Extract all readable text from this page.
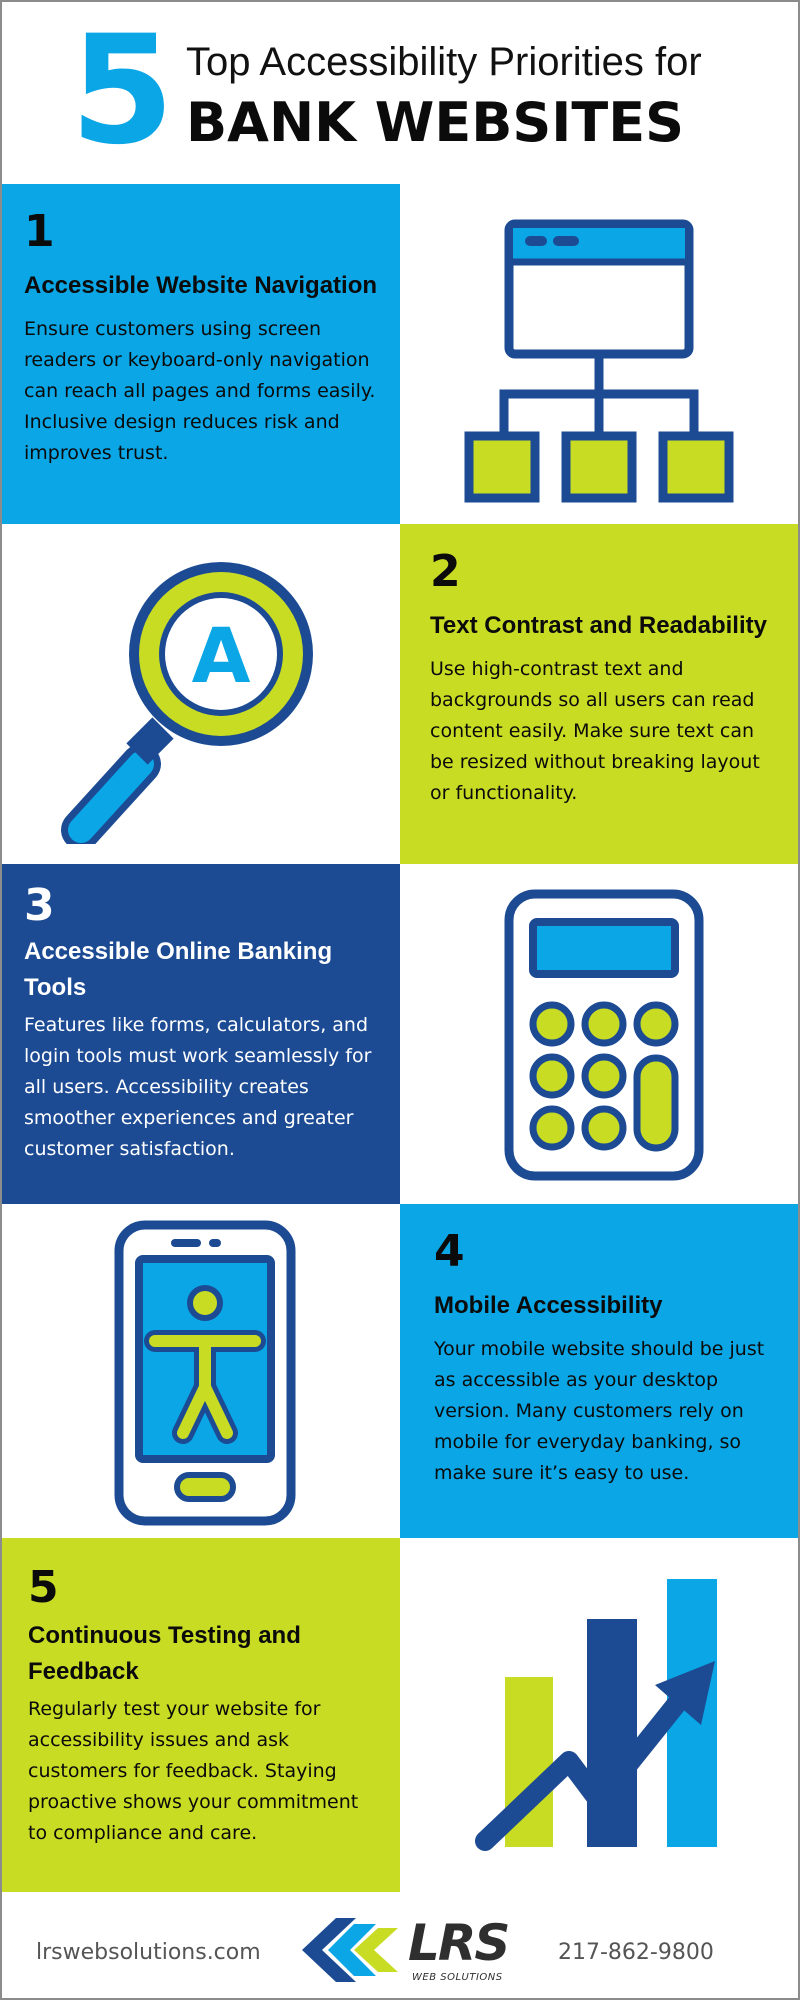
5 Top Accessibility Priorities for
BANK WEBSITES
1
Accessible Website Navigation

Ensure customers using screen readers or keyboard-only navigation can reach all pages and forms easily. Inclusive design reduces risk and improves trust.

A
2
Text Contrast and Readability

Use high-contrast text and backgrounds so all users can read content easily. Make sure text can be resized without breaking layout or functionality.

3
Accessible Online Banking Tools

Features like forms, calculators, and login tools must work seamlessly for all users. Accessibility creates smoother experiences and greater customer satisfaction.

4
Mobile Accessibility

Your mobile website should be just as accessible as your desktop version. Many customers rely on mobile for everyday banking, so make sure it’s easy to use.

5
Continuous Testing and Feedback

Regularly test your website for accessibility issues and ask customers for feedback. Staying proactive shows your commitment to compliance and care.

lrswebsolutions.com	LRS
WEB SOLUTIONS
217-862-9800
